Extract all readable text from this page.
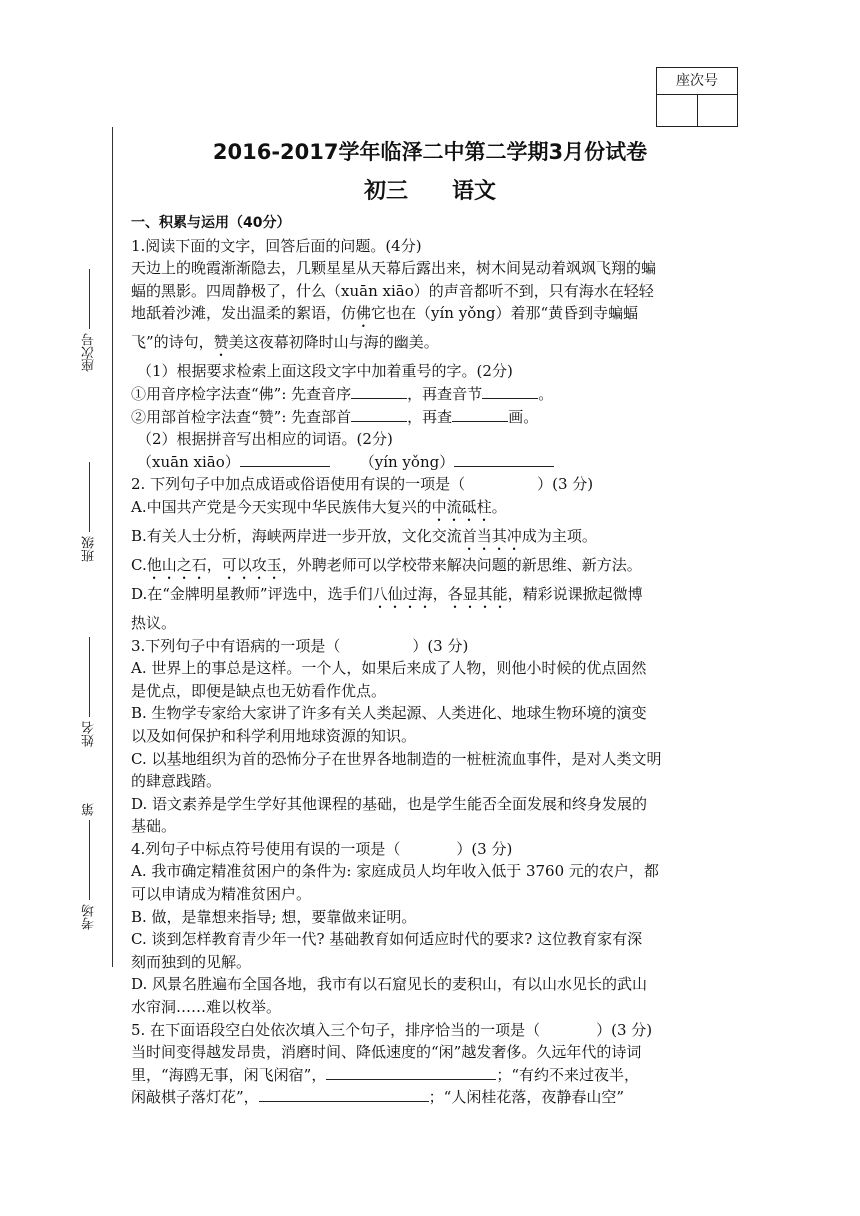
座次号
座次号
班级
姓名
考场
第
2016-2017学年临泽二中第二学期3月份试卷
初三 语文

一、积累与运用（40分）

1.阅读下面的文字，回答后面的问题。(4分)

天边上的晚霞渐渐隐去，几颗星星从天幕后露出来，树木间晃动着飒飒飞翔的蝙

蝠的黑影。四周静极了，什么（xuān xiāo）的声音都听不到，只有海水在轻轻

地舐着沙滩，发出温柔的絮语，仿佛它也在（yín yǒng）着那“黄昏到寺蝙蝠

飞”的诗句，赞美这夜幕初降时山与海的幽美。

（1）根据要求检索上面这段文字中加着重号的字。(2分)

①用音序检字法查“佛”: 先查音序	，再查音节	。

②用部首检字法查“赞”: 先查部首	，再查	画。

（2）根据拼音写出相应的词语。(2分)

（xuān xiāo）	（yín yǒng）

2. 下列句子中加点成语或俗语使用有误的一项是（	）(3 分)

A.中国共产党是今天实现中华民族伟大复兴的中流砥柱。

B.有关人士分析，海峡两岸进一步开放，文化交流首当其冲成为主项。

C.他山之石，可以攻玉，外聘老师可以学校带来解决问题的新思维、新方法。

D.在“金牌明星教师”评选中，选手们八仙过海，各显其能，精彩说课掀起微博

热议。

3.下列句子中有语病的一项是（	）(3 分)

A. 世界上的事总是这样。一个人，如果后来成了人物，则他小时候的优点固然

是优点，即便是缺点也无妨看作优点。

B. 生物学专家给大家讲了许多有关人类起源、人类进化、地球生物环境的演变

以及如何保护和科学利用地球资源的知识。

C. 以基地组织为首的恐怖分子在世界各地制造的一桩桩流血事件，是对人类文明

的肆意践踏。

D. 语文素养是学生学好其他课程的基础，也是学生能否全面发展和终身发展的

基础。

4.列句子中标点符号使用有误的一项是（	）(3 分)

A. 我市确定精准贫困户的条件为: 家庭成员人均年收入低于 3760 元的农户，都

可以申请成为精准贫困户。

B. 做，是靠想来指导; 想，要靠做来证明。

C. 谈到怎样教育青少年一代? 基础教育如何适应时代的要求? 这位教育家有深

刻而独到的见解。

D. 风景名胜遍布全国各地，我市有以石窟见长的麦积山，有以山水见长的武山

水帘洞……难以枚举。

5. 在下面语段空白处依次填入三个句子，排序恰当的一项是（	）(3 分)

当时间变得越发昂贵，消磨时间、降低速度的“闲”越发奢侈。久远年代的诗词

里，“海鸥无事，闲飞闲宿”，	；“有约不来过夜半，

闲敲棋子落灯花”，	；“人闲桂花落，夜静春山空”
